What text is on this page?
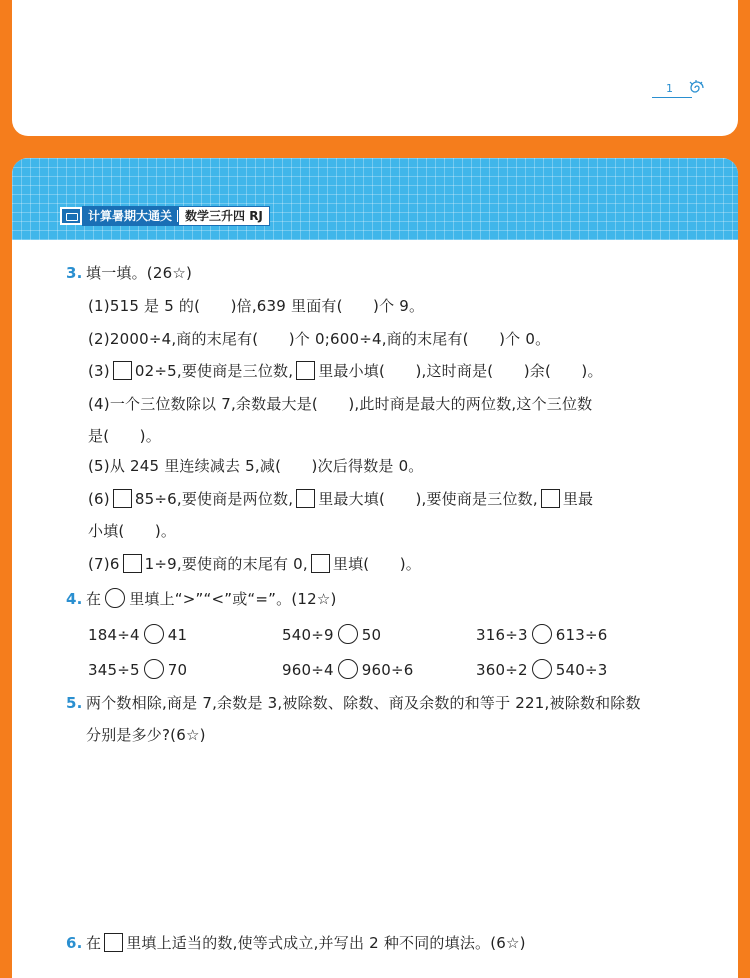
1
计算暑期大通关	数学三升四 RJ
3. 填一填。(26☆)
(1)515 是 5 的(　　)倍,639 里面有(　　)个 9。
(2)2000÷4,商的末尾有(　　)个 0;600÷4,商的末尾有(　　)个 0。
(3) 02÷5,要使商是三位数, 里最小填(　　),这时商是(　　)余(　　)。
(4)一个三位数除以 7,余数最大是(　　),此时商是最大的两位数,这个三位数
是(　　)。
(5)从 245 里连续减去 5,减(　　)次后得数是 0。
(6) 85÷6,要使商是两位数, 里最大填(　　),要使商是三位数, 里最
小填(　　)。
(7)6 1÷9,要使商的末尾有 0, 里填(　　)。
4. 在 里填上“>”“<”或“=”。(12☆)
184÷4 41	540÷9 50	316÷3 613÷6
345÷5 70	960÷4 960÷6	360÷2 540÷3
5. 两个数相除,商是 7,余数是 3,被除数、除数、商及余数的和等于 221,被除数和除数
分别是多少?(6☆)
6. 在 里填上适当的数,使等式成立,并写出 2 种不同的填法。(6☆)
